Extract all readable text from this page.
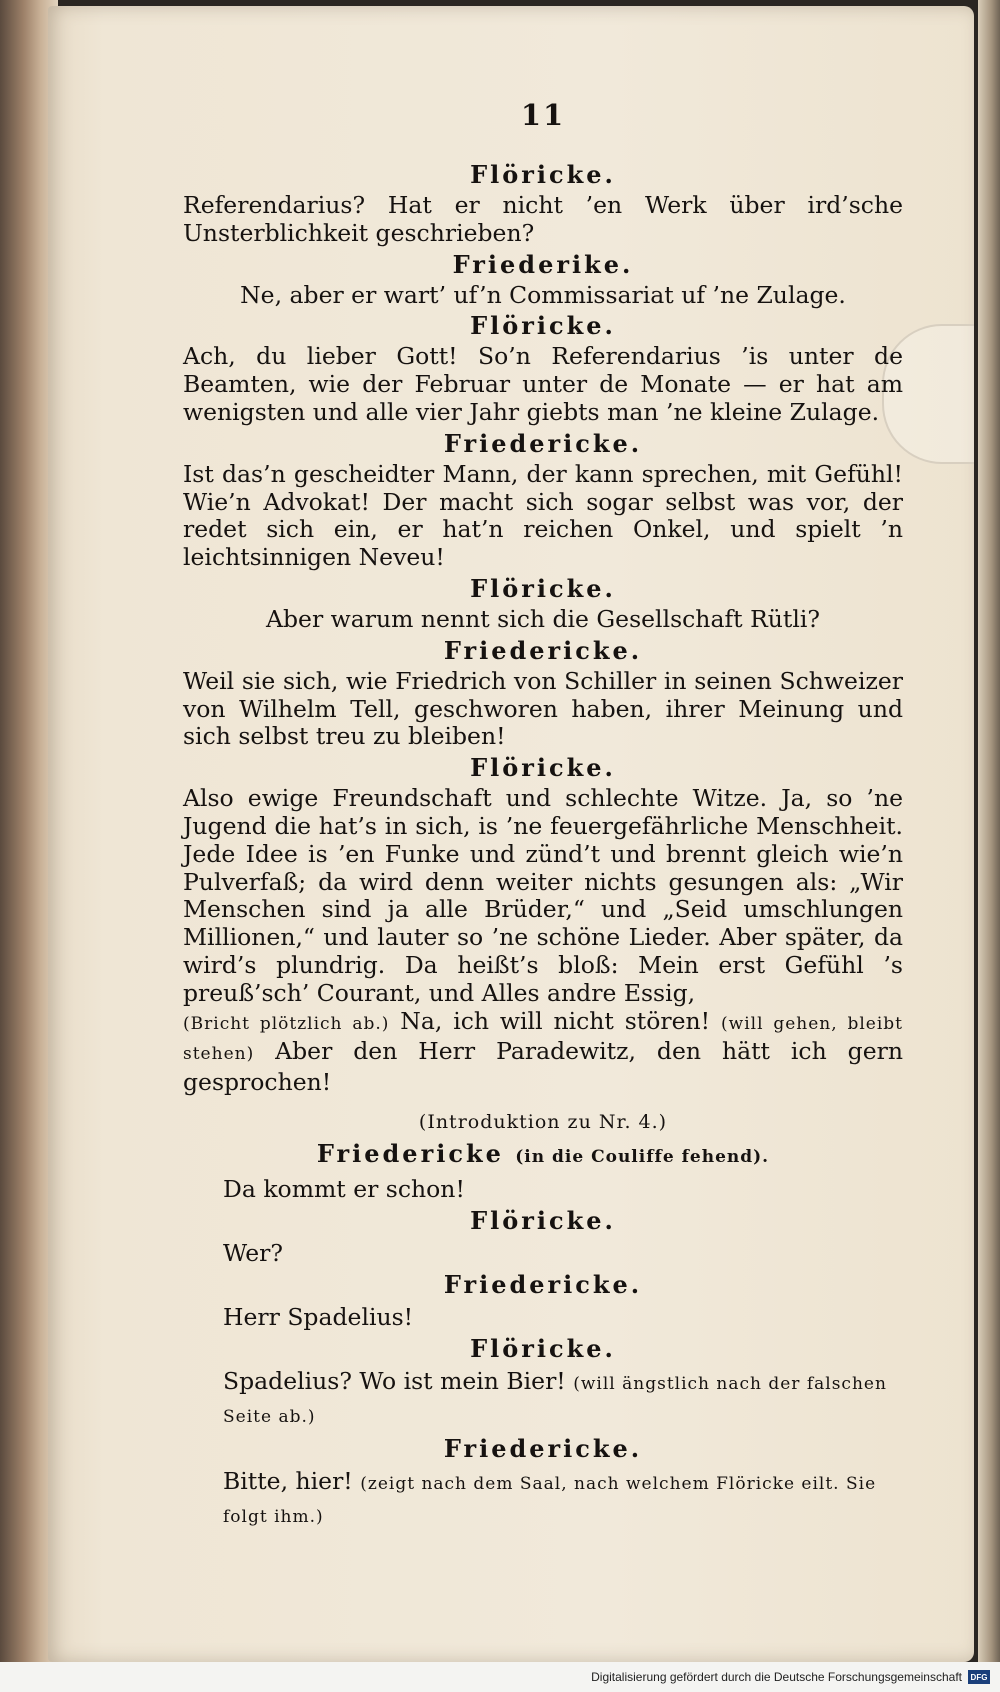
11
Flöricke.
Referendarius? Hat er nicht ’en Werk über ird’sche Unsterblichkeit geschrieben?
Friederike.
Ne, aber er wart’ uf’n Commissariat uf ’ne Zulage.
Flöricke.
Ach, du lieber Gott! So’n Referendarius ’is unter de Beamten, wie der Februar unter de Monate — er hat am wenigsten und alle vier Jahr giebts man ’ne kleine Zulage.
Friedericke.
Ist das’n gescheidter Mann, der kann sprechen, mit Gefühl! Wie’n Advokat! Der macht sich sogar selbst was vor, der redet sich ein, er hat’n reichen Onkel, und spielt ’n leichtsinnigen Neveu!
Flöricke.
Aber warum nennt sich die Gesellschaft Rütli?
Friedericke.
Weil sie sich, wie Friedrich von Schiller in seinen Schweizer von Wilhelm Tell, geschworen haben, ihrer Meinung und sich selbst treu zu bleiben!
Flöricke.
Also ewige Freundschaft und schlechte Witze. Ja, so ’ne Jugend die hat’s in sich, is ’ne feuergefährliche Menschheit. Jede Idee is ’en Funke und zünd’t und brennt gleich wie’n Pulverfaß; da wird denn weiter nichts gesungen als: „Wir Menschen sind ja alle Brüder,“ und „Seid umschlungen Millionen,“ und lauter so ’ne schöne Lieder. Aber später, da wird’s plundrig. Da heißt’s bloß: Mein erst Gefühl ’s preuß’sch’ Courant, und Alles andre Essig,
(Bricht plötzlich ab.) Na, ich will nicht stören! (will gehen, bleibt stehen) Aber den Herr Paradewitz, den hätt ich gern gesprochen!
(Introduktion zu Nr. 4.)
Friedericke (in die Couliffe fehend).
Da kommt er schon!
Flöricke.
Wer?
Friedericke.
Herr Spadelius!
Flöricke.
Spadelius? Wo ist mein Bier! (will ängstlich nach der falschen Seite ab.)
Friedericke.
Bitte, hier! (zeigt nach dem Saal, nach welchem Flöricke eilt. Sie folgt ihm.)
Digitalisierung gefördert durch die Deutsche Forschungsgemeinschaft	DFG
